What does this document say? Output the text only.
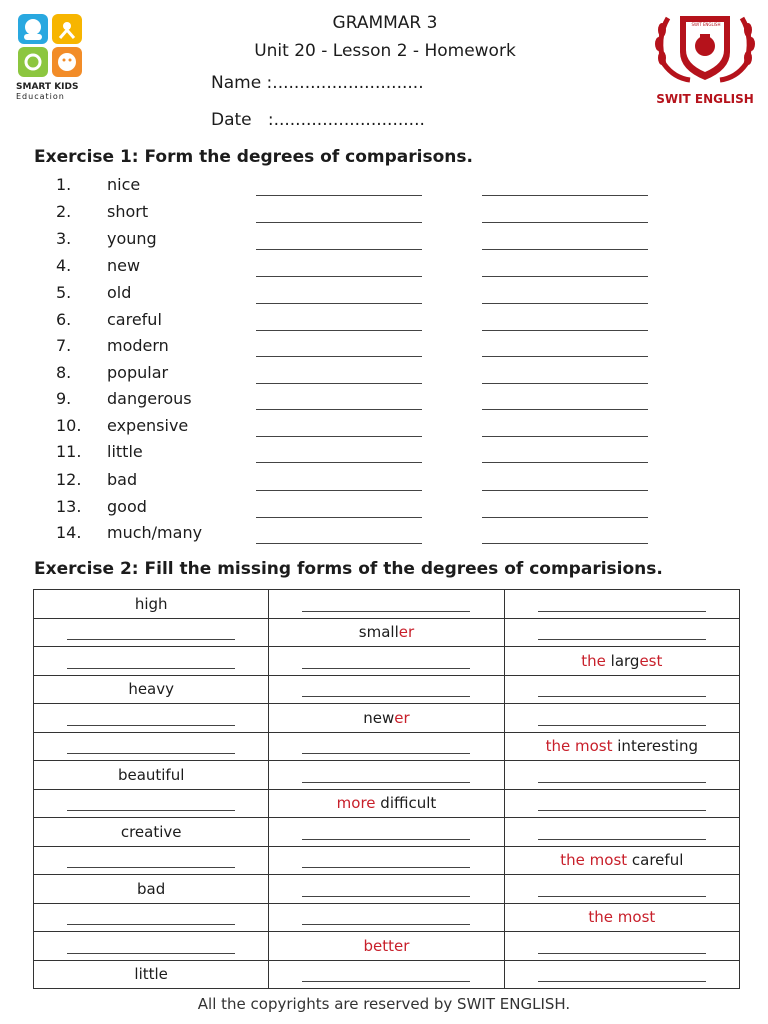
SMART KIDS
Education
SWIT ENGLISH
SWIT ENGLISH
GRAMMAR 3
Unit 20 - Lesson 2 - Homework
Name :............................
Date   :............................
Exercise 1: Form the degrees of comparisons.
1. nice
2. short
3. young
4. new
5. old
6. careful
7. modern
8. popular
9. dangerous
10. expensive
11. little
12. bad
13. good
14. much/many
Exercise 2: Fill the missing forms of the degrees of comparisions.
high		
	smaller	
		the largest
heavy		
	newer	
		the most interesting
beautiful		
	more difficult	
creative		
		the most careful
bad		
		the most
	better	
little		
All the copyrights are reserved by SWIT ENGLISH.
